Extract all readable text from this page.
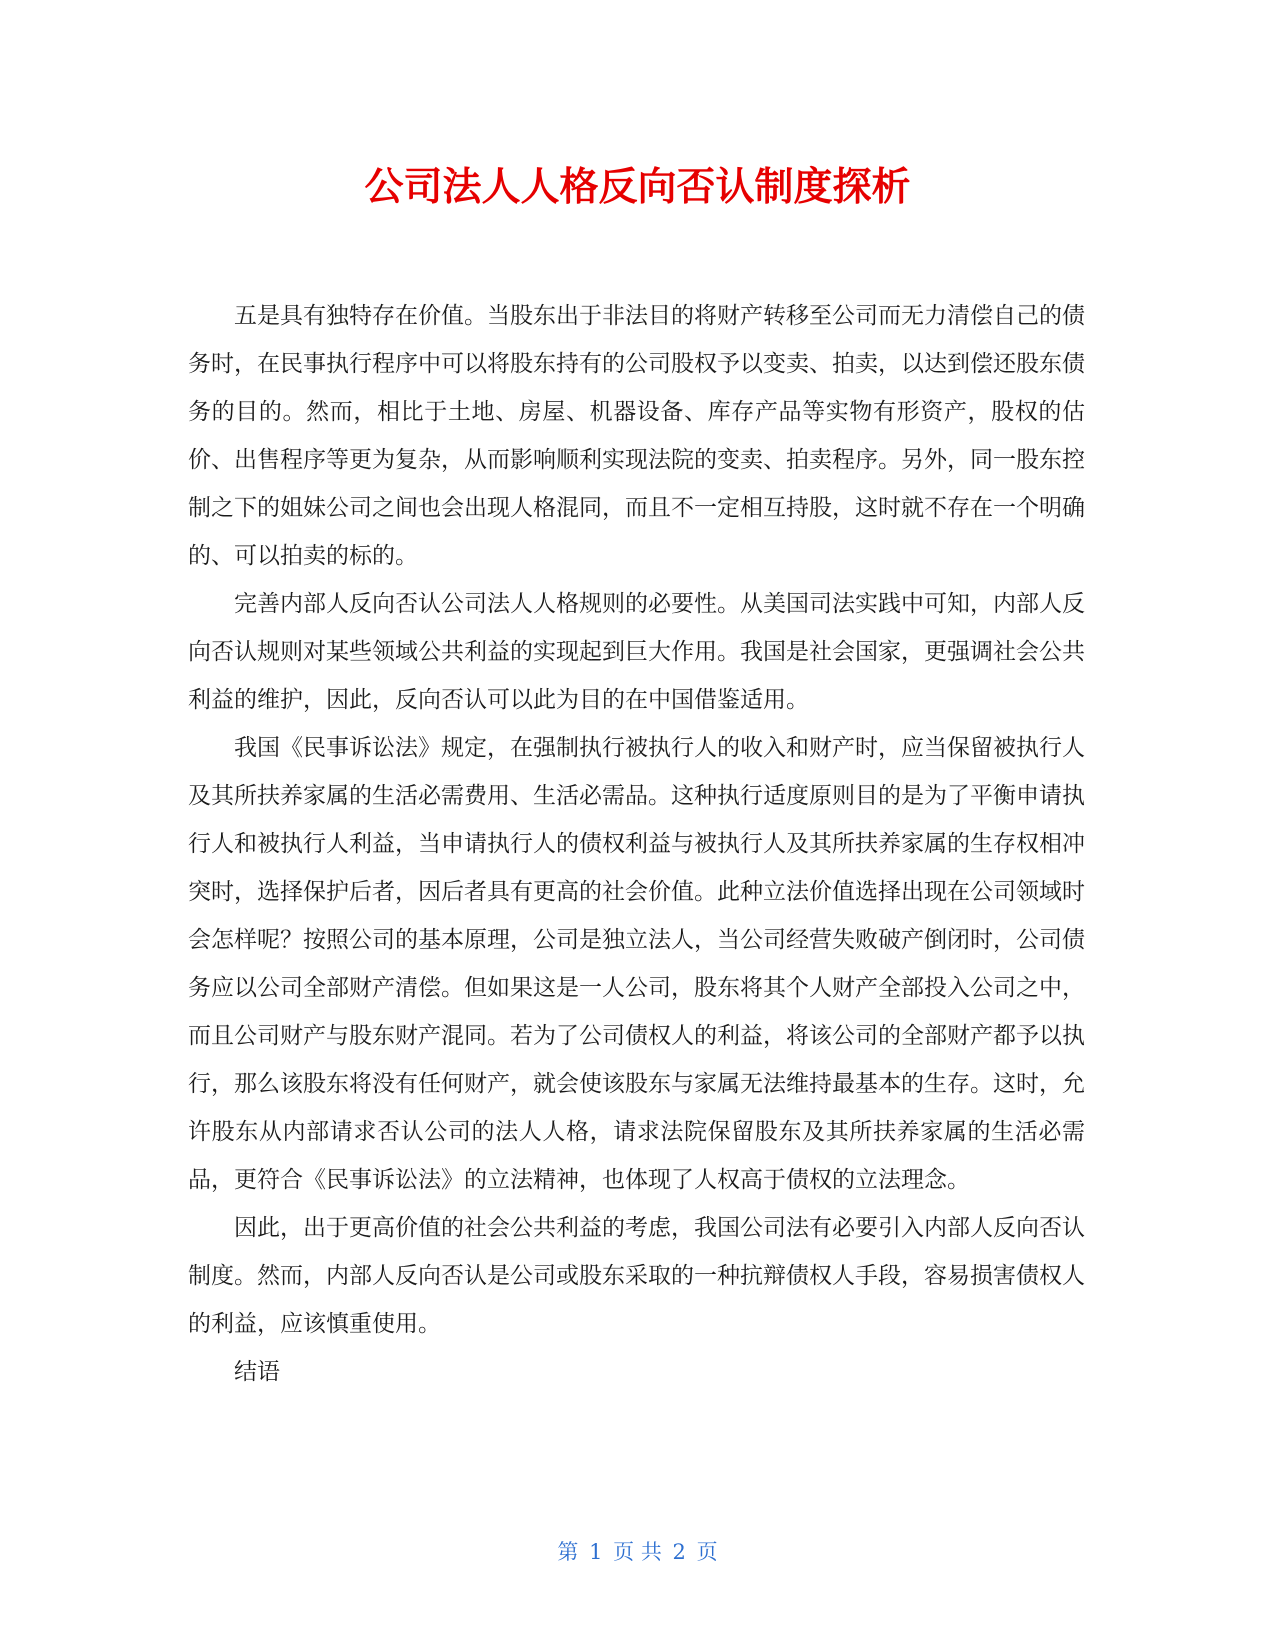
公司法人人格反向否认制度探析

五是具有独特存在价值。当股东出于非法目的将财产转移至公司而无力清偿自己的债务时，在民事执行程序中可以将股东持有的公司股权予以变卖、拍卖，以达到偿还股东债务的目的。然而，相比于土地、房屋、机器设备、库存产品等实物有形资产，股权的估价、出售程序等更为复杂，从而影响顺利实现法院的变卖、拍卖程序。另外，同一股东控制之下的姐妹公司之间也会出现人格混同，而且不一定相互持股，这时就不存在一个明确的、可以拍卖的标的。

完善内部人反向否认公司法人人格规则的必要性。从美国司法实践中可知，内部人反向否认规则对某些领域公共利益的实现起到巨大作用。我国是社会国家，更强调社会公共利益的维护，因此，反向否认可以此为目的在中国借鉴适用。

我国《民事诉讼法》规定，在强制执行被执行人的收入和财产时，应当保留被执行人及其所扶养家属的生活必需费用、生活必需品。这种执行适度原则目的是为了平衡申请执行人和被执行人利益，当申请执行人的债权利益与被执行人及其所扶养家属的生存权相冲突时，选择保护后者，因后者具有更高的社会价值。此种立法价值选择出现在公司领域时会怎样呢？按照公司的基本原理，公司是独立法人，当公司经营失败破产倒闭时，公司债务应以公司全部财产清偿。但如果这是一人公司，股东将其个人财产全部投入公司之中，而且公司财产与股东财产混同。若为了公司债权人的利益，将该公司的全部财产都予以执行，那么该股东将没有任何财产，就会使该股东与家属无法维持最基本的生存。这时，允许股东从内部请求否认公司的法人人格，请求法院保留股东及其所扶养家属的生活必需品，更符合《民事诉讼法》的立法精神，也体现了人权高于债权的立法理念。

因此，出于更高价值的社会公共利益的考虑，我国公司法有必要引入内部人反向否认制度。然而，内部人反向否认是公司或股东采取的一种抗辩债权人手段，容易损害债权人的利益，应该慎重使用。

结语

第 1 页 共 2 页
